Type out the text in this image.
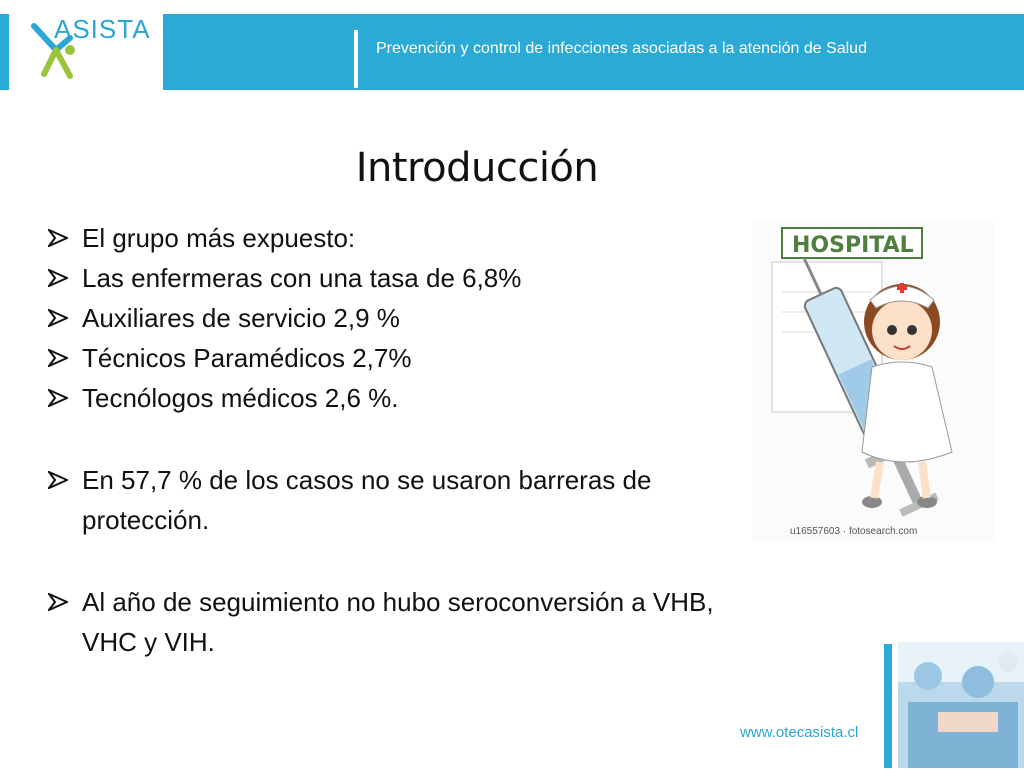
ASISTA
Prevención y control de infecciones asociadas a la atención de Salud
Introducción
El grupo más expuesto:
Las enfermeras con una tasa de 6,8%
Auxiliares de servicio 2,9 %
Técnicos Paramédicos 2,7%
Tecnólogos médicos 2,6 %.
En 57,7 % de los casos no se usaron barreras de protección.
Al año de seguimiento no hubo seroconversión a VHB, VHC y VIH.
HOSPITAL
u16557603 · fotosearch.com
www.otecasista.cl
